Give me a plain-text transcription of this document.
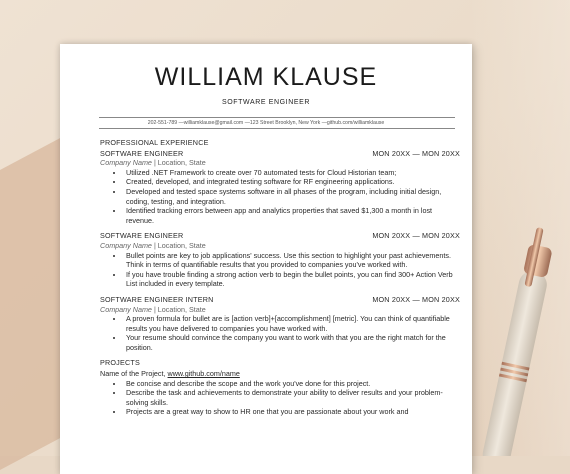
WILLIAM KLAUSE
SOFTWARE ENGINEER
202-551-789 — williamklause@gmail.com — 123 Street Brooklyn, New York — github.com/williamklause
PROFESSIONAL EXPERIENCE
SOFTWARE ENGINEER	MON 20XX — MON 20XX
Company Name | Location, State
• Utilized .NET Framework to create over 70 automated tests for Cloud Historian team;
• Created, developed, and integrated testing software for RF engineering applications.
• Developed and tested space systems software in all phases of the program, including initial design, coding, testing, and integration.
• Identified tracking errors between app and analytics properties that saved $1,300 a month in lost revenue.
SOFTWARE ENGINEER	MON 20XX — MON 20XX
Company Name | Location, State
• Bullet points are key to job applications' success. Use this section to highlight your past achievements. Think in terms of quantifiable results that you provided to companies you've worked with.
• If you have trouble finding a strong action verb to begin the bullet points, you can find 300+ Action Verb List included in every template.
SOFTWARE ENGINEER INTERN	MON 20XX — MON 20XX
Company Name | Location, State
• A proven formula for bullet are is [action verb]+[accomplishment] [metric]. You can think of quantifiable results you have delivered to companies you have worked with.
• Your resume should convince the company you want to work with that you are the right match for the position.
PROJECTS
Name of the Project, www.github.com/name
• Be concise and describe the scope and the work you've done for this project.
• Describe the task and achievements to demonstrate your ability to deliver results and your problem-solving skills.
• Projects are a great way to show to HR one that you are passionate about your work and
